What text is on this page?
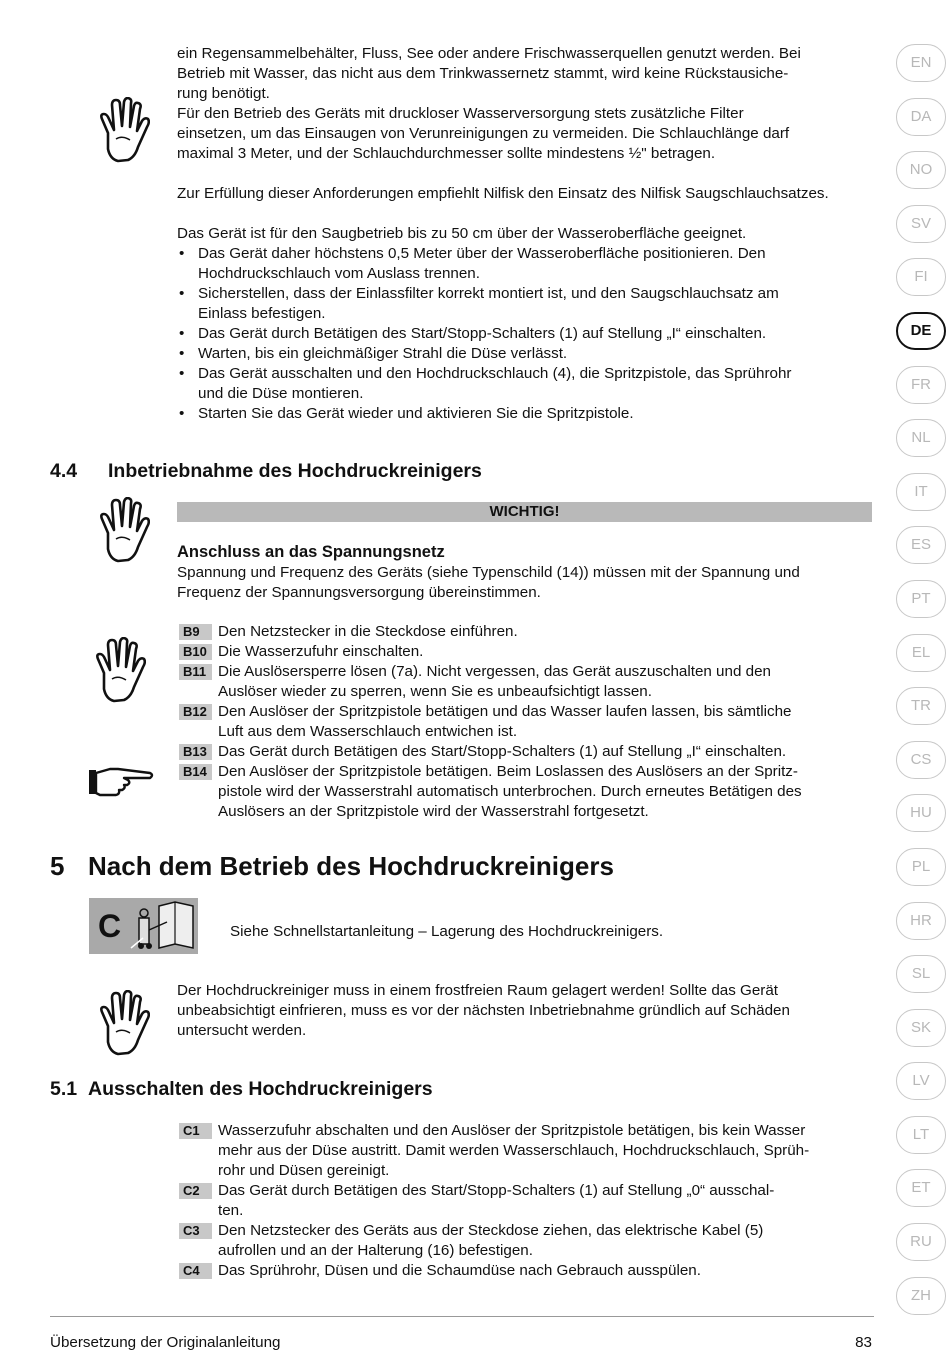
ein Regensammelbehälter, Fluss, See oder andere Frischwasserquellen genutzt werden. Bei
Betrieb mit Wasser, das nicht aus dem Trinkwassernetz stammt, wird keine Rückstausiche-
rung benötigt.

Für den Betrieb des Geräts mit druckloser Wasserversorgung stets zusätzliche Filter
einsetzen, um das Einsaugen von Verunreinigungen zu vermeiden. Die Schlauchlänge darf
maximal 3 Meter, und der Schlauchdurchmesser sollte mindestens ½" betragen.

Zur Erfüllung dieser Anforderungen empfiehlt Nilfisk den Einsatz des Nilfisk Saugschlauchsatzes.

Das Gerät ist für den Saugbetrieb bis zu 50 cm über der Wasseroberfläche geeignet.

• Das Gerät daher höchstens 0,5 Meter über der Wasseroberfläche positionieren. Den
Hochdruckschlauch vom Auslass trennen.
• Sicherstellen, dass der Einlassfilter korrekt montiert ist, und den Saugschlauchsatz am
Einlass befestigen.
• Das Gerät durch Betätigen des Start/Stopp-Schalters (1) auf Stellung „I“ einschalten.
• Warten, bis ein gleichmäßiger Strahl die Düse verlässt.
• Das Gerät ausschalten und den Hochdruckschlauch (4), die Spritzpistole, das Sprührohr
und die Düse montieren.
• Starten Sie das Gerät wieder und aktivieren Sie die Spritzpistole.
4.4 Inbetriebnahme des Hochdruckreinigers
WICHTIG!

Anschluss an das Spannungsnetz

Spannung und Frequenz des Geräts (siehe Typenschild (14)) müssen mit der Spannung und
Frequenz der Spannungsversorgung übereinstimmen.

B9	Den Netzstecker in die Steckdose einführen.
B10 Die Wasserzufuhr einschalten.
B11 Die Auslösersperre lösen (7a). Nicht vergessen, das Gerät auszuschalten und den
Auslöser wieder zu sperren, wenn Sie es unbeaufsichtigt lassen.
B12 Den Auslöser der Spritzpistole betätigen und das Wasser laufen lassen, bis sämtliche
Luft aus dem Wasserschlauch entwichen ist.
B13 Das Gerät durch Betätigen des Start/Stopp-Schalters (1) auf Stellung „I“ einschalten.
B14 Den Auslöser der Spritzpistole betätigen. Beim Loslassen des Auslösers an der Spritz-
pistole wird der Wasserstrahl automatisch unterbrochen. Durch erneutes Betätigen des
Auslösers an der Spritzpistole wird der Wasserstrahl fortgesetzt.
5 Nach dem Betrieb des Hochdruckreinigers
C	Siehe Schnellstartanleitung – Lagerung des Hochdruckreinigers.

Der Hochdruckreiniger muss in einem frostfreien Raum gelagert werden! Sollte das Gerät
unbeabsichtigt einfrieren, muss es vor der nächsten Inbetriebnahme gründlich auf Schäden
untersucht werden.

5.1 Ausschalten des Hochdruckreinigers
C1	Wasserzufuhr abschalten und den Auslöser der Spritzpistole betätigen, bis kein Wasser
mehr aus der Düse austritt. Damit werden Wasserschlauch, Hochdruckschlauch, Sprüh-
rohr und Düsen gereinigt.
C2	Das Gerät durch Betätigen des Start/Stopp-Schalters (1) auf Stellung „0“ ausschal-
ten.
C3	Den Netzstecker des Geräts aus der Steckdose ziehen, das elektrische Kabel (5)
aufrollen und an der Halterung (16) befestigen.
C4	Das Sprührohr, Düsen und die Schaumdüse nach Gebrauch ausspülen.
EN
DA
NO
SV
FI
DE
FR
NL
IT
ES
PT
EL
TR
CS
HU
PL
HR
SL
SK
LV
LT
ET
RU
ZH
Übersetzung der Originalanleitung	83
